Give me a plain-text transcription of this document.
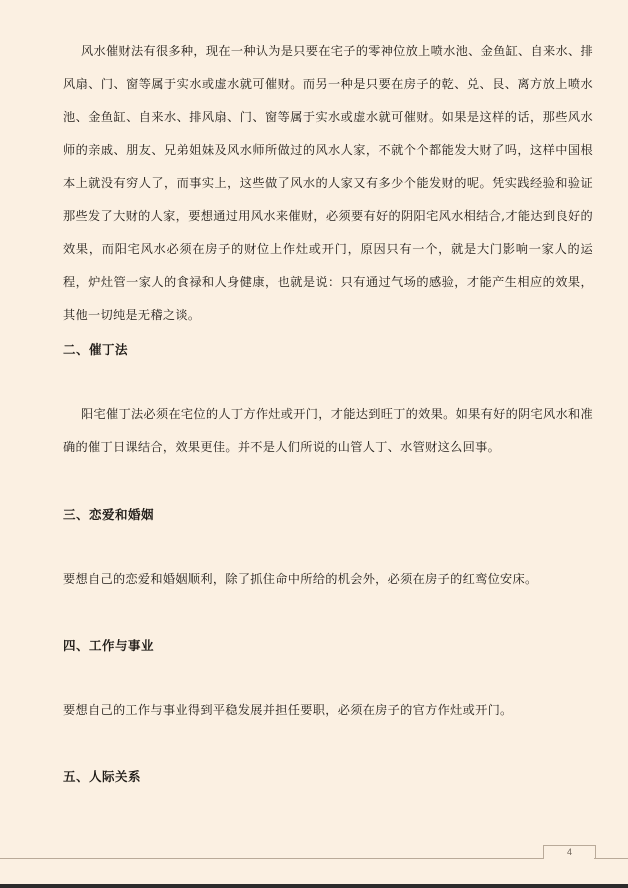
风水催财法有很多种，现在一种认为是只要在宅子的零神位放上喷水池、金鱼缸、自来水、排风扇、门、窗等属于实水或虚水就可催财。而另一种是只要在房子的乾、兑、艮、离方放上喷水池、金鱼缸、自来水、排风扇、门、窗等属于实水或虚水就可催财。如果是这样的话，那些风水师的亲戚、朋友、兄弟姐妹及风水师所做过的风水人家，不就个个都能发大财了吗，这样中国根本上就没有穷人了，而事实上，这些做了风水的人家又有多少个能发财的呢。凭实践经验和验证那些发了大财的人家，要想通过用风水来催财，必须要有好的阴阳宅风水相结合,才能达到良好的效果，而阳宅风水必须在房子的财位上作灶或开门，原因只有一个，就是大门影响一家人的运程，炉灶管一家人的食禄和人身健康，也就是说：只有通过气场的感验，才能产生相应的效果，其他一切纯是无稽之谈。

二、催丁法

阳宅催丁法必须在宅位的人丁方作灶或开门，才能达到旺丁的效果。如果有好的阴宅风水和准确的催丁日课结合，效果更佳。并不是人们所说的山管人丁、水管财这么回事。

三、恋爱和婚姻

要想自己的恋爱和婚姻顺利，除了抓住命中所给的机会外，必须在房子的红鸾位安床。

四、工作与事业

要想自己的工作与事业得到平稳发展并担任要职，必须在房子的官方作灶或开门。

五、人际关系
4
